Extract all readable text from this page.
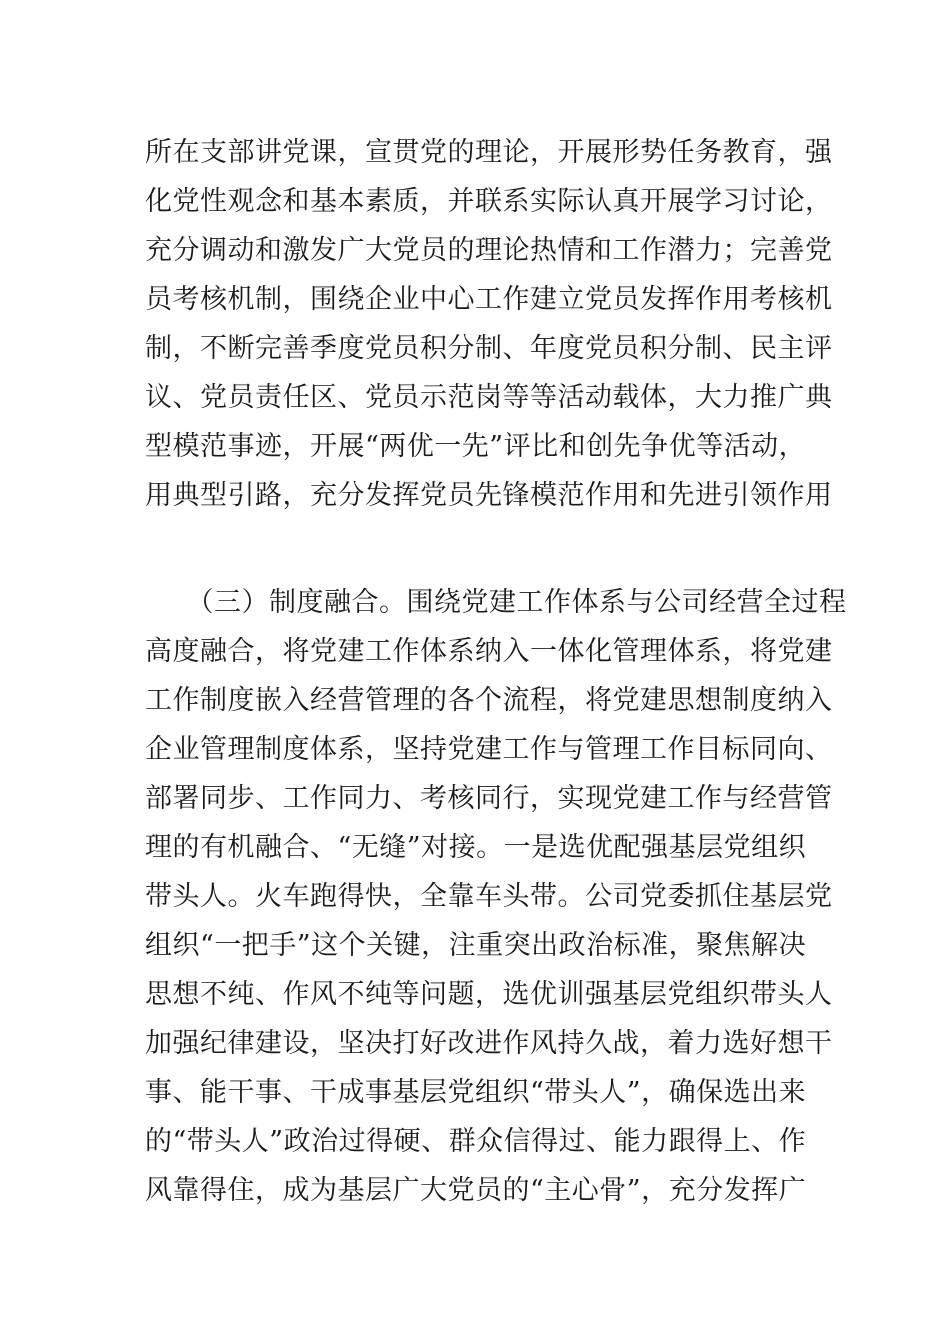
所在支部讲党课，宣贯党的理论，开展形势任务教育，强
化党性观念和基本素质，并联系实际认真开展学习讨论，
充分调动和激发广大党员的理论热情和工作潜力；完善党
员考核机制，围绕企业中心工作建立党员发挥作用考核机
制，不断完善季度党员积分制、年度党员积分制、民主评
议、党员责任区、党员示范岗等等活动载体，大力推广典
型模范事迹，开展“两优一先”评比和创先争优等活动，
用典型引路，充分发挥党员先锋模范作用和先进引领作用
　　（三）制度融合。围绕党建工作体系与公司经营全过程
高度融合，将党建工作体系纳入一体化管理体系，将党建
工作制度嵌入经营管理的各个流程，将党建思想制度纳入
企业管理制度体系，坚持党建工作与管理工作目标同向、
部署同步、工作同力、考核同行，实现党建工作与经营管
理的有机融合、“无缝”对接。一是选优配强基层党组织
带头人。火车跑得快，全靠车头带。公司党委抓住基层党
组织“一把手”这个关键，注重突出政治标准，聚焦解决
思想不纯、作风不纯等问题，选优训强基层党组织带头人
加强纪律建设，坚决打好改进作风持久战，着力选好想干
事、能干事、干成事基层党组织“带头人”，确保选出来
的“带头人”政治过得硬、群众信得过、能力跟得上、作
风靠得住，成为基层广大党员的“主心骨”，充分发挥广
